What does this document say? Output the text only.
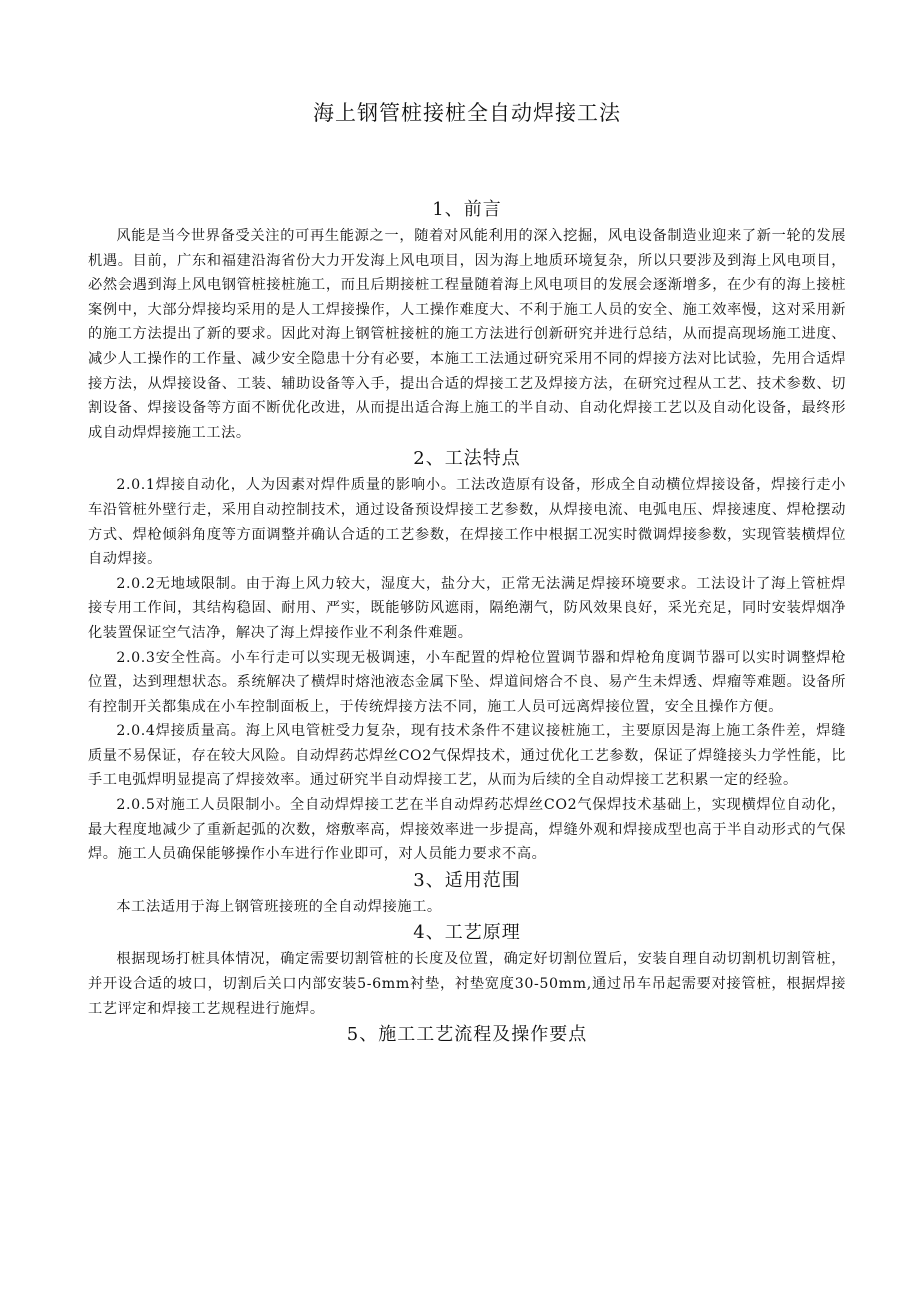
海上钢管桩接桩全自动焊接工法
1、前言

风能是当今世界备受关注的可再生能源之一，随着对风能利用的深入挖掘，风电设备制造业迎来了新一轮的发展机遇。目前，广东和福建沿海省份大力开发海上风电项目，因为海上地质环境复杂，所以只要涉及到海上风电项目，必然会遇到海上风电钢管桩接桩施工，而且后期接桩工程量随着海上风电项目的发展会逐渐增多，在少有的海上接桩案例中，大部分焊接均采用的是人工焊接操作，人工操作难度大、不利于施工人员的安全、施工效率慢，这对采用新的施工方法提出了新的要求。因此对海上钢管桩接桩的施工方法进行创新研究并进行总结，从而提高现场施工进度、减少人工操作的工作量、减少安全隐患十分有必要，本施工工法通过研究采用不同的焊接方法对比试验，先用合适焊接方法，从焊接设备、工装、辅助设备等入手，提出合适的焊接工艺及焊接方法，在研究过程从工艺、技术参数、切割设备、焊接设备等方面不断优化改进，从而提出适合海上施工的半自动、自动化焊接工艺以及自动化设备，最终形成自动焊焊接施工工法。

2、工法特点

2.0.1焊接自动化，人为因素对焊件质量的影响小。工法改造原有设备，形成全自动横位焊接设备，焊接行走小车沿管桩外壁行走，采用自动控制技术，通过设备预设焊接工艺参数，从焊接电流、电弧电压、焊接速度、焊枪摆动方式、焊枪倾斜角度等方面调整并确认合适的工艺参数，在焊接工作中根据工况实时微调焊接参数，实现管装横焊位自动焊接。

2.0.2无地域限制。由于海上风力较大，湿度大，盐分大，正常无法满足焊接环境要求。工法设计了海上管桩焊接专用工作间，其结构稳固、耐用、严实，既能够防风遮雨，隔绝潮气，防风效果良好，采光充足，同时安装焊烟净化装置保证空气洁净，解决了海上焊接作业不利条件难题。

2.0.3安全性高。小车行走可以实现无极调速，小车配置的焊枪位置调节器和焊枪角度调节器可以实时调整焊枪位置，达到理想状态。系统解决了横焊时熔池液态金属下坠、焊道间熔合不良、易产生未焊透、焊瘤等难题。设备所有控制开关都集成在小车控制面板上，于传统焊接方法不同，施工人员可远离焊接位置，安全且操作方便。

2.0.4焊接质量高。海上风电管桩受力复杂，现有技术条件不建议接桩施工，主要原因是海上施工条件差，焊缝质量不易保证，存在较大风险。自动焊药芯焊丝CO2气保焊技术，通过优化工艺参数，保证了焊缝接头力学性能，比手工电弧焊明显提高了焊接效率。通过研究半自动焊接工艺，从而为后续的全自动焊接工艺积累一定的经验。

2.0.5对施工人员限制小。全自动焊焊接工艺在半自动焊药芯焊丝CO2气保焊技术基础上，实现横焊位自动化，最大程度地减少了重新起弧的次数，熔敷率高，焊接效率进一步提高，焊缝外观和焊接成型也高于半自动形式的气保焊。施工人员确保能够操作小车进行作业即可，对人员能力要求不高。

3、适用范围

本工法适用于海上钢管班接班的全自动焊接施工。

4、工艺原理

根据现场打桩具体情况，确定需要切割管桩的长度及位置，确定好切割位置后，安装自理自动切割机切割管桩，并开设合适的坡口，切割后关口内部安装5-6mm衬垫，衬垫宽度30-50mm,通过吊车吊起需要对接管桩，根据焊接工艺评定和焊接工艺规程进行施焊。

5、施工工艺流程及操作要点
